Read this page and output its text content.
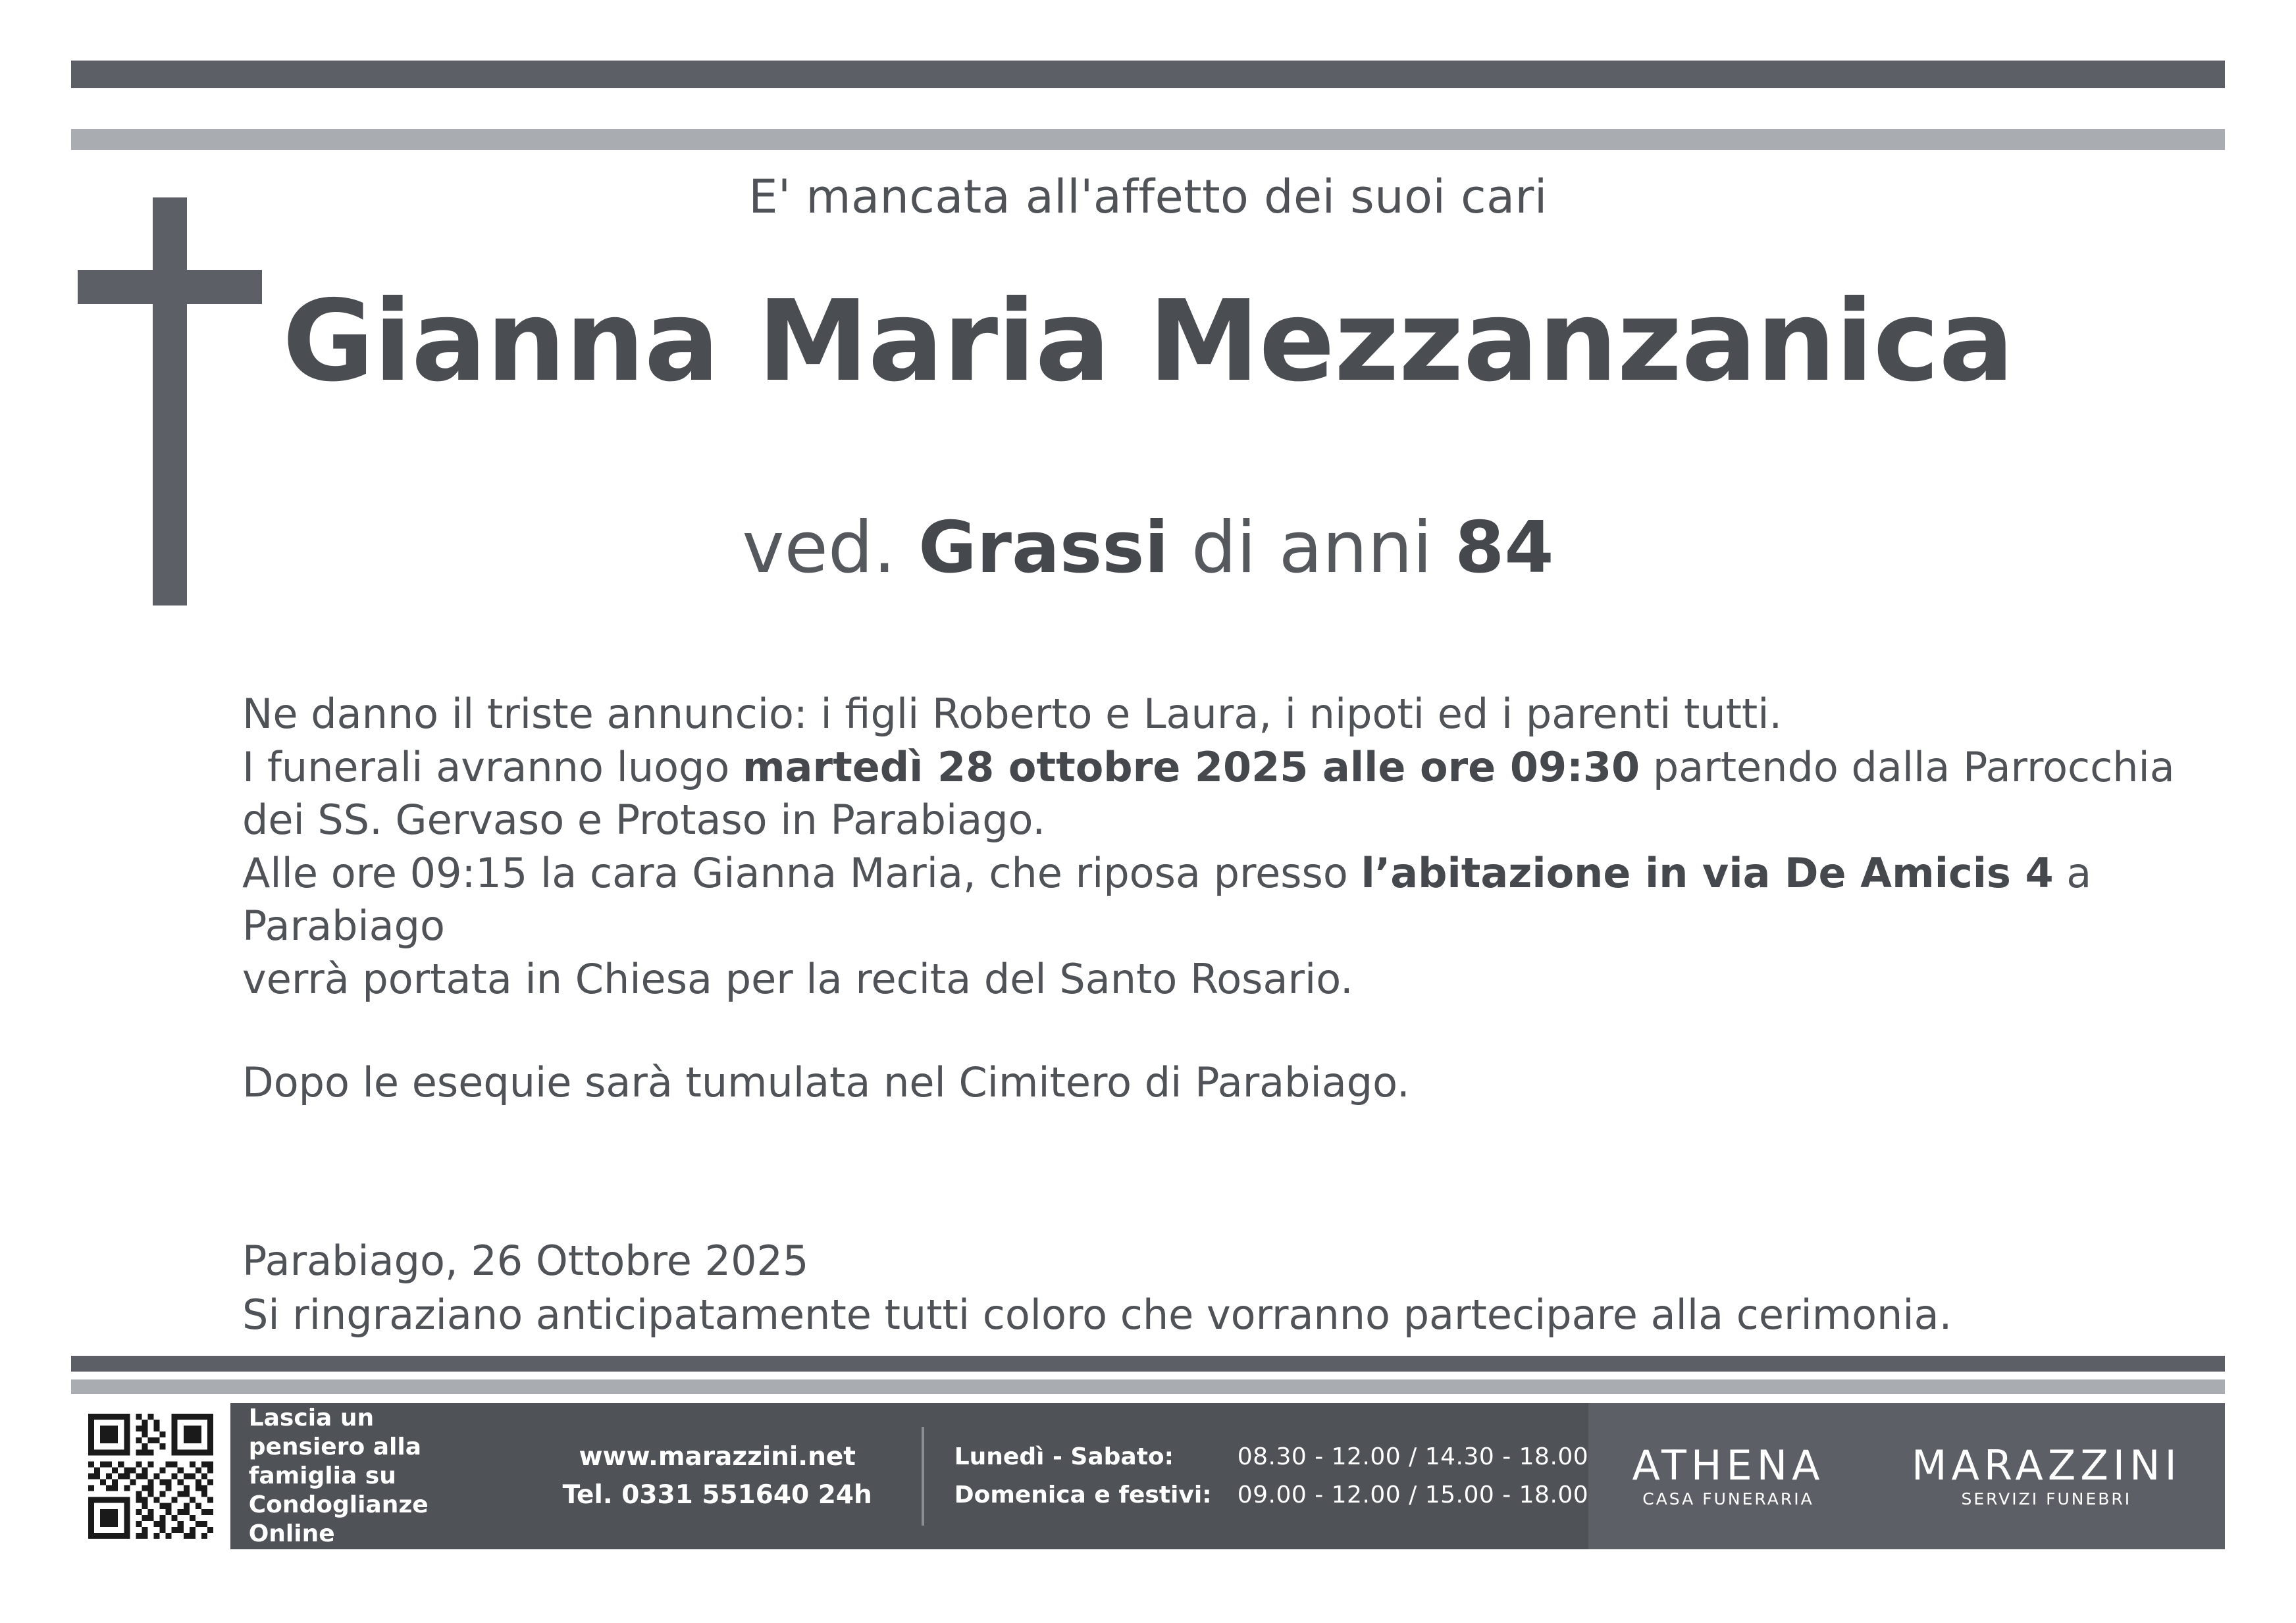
E' mancata all'affetto dei suoi cari
Gianna Maria Mezzanzanica
ved. Grassi di anni 84

Ne danno il triste annuncio: i figli Roberto e Laura, i nipoti ed i parenti tutti.

I funerali avranno luogo martedì 28 ottobre 2025 alle ore 09:30 partendo dalla Parrocchia

dei SS. Gervaso e Protaso in Parabiago.

Alle ore 09:15 la cara Gianna Maria, che riposa presso l’abitazione in via De Amicis 4 a Parabiago

verrà portata in Chiesa per la recita del Santo Rosario.

Dopo le esequie sarà tumulata nel Cimitero di Parabiago.

Parabiago, 26 Ottobre 2025

Si ringraziano anticipatamente tutti coloro che vorranno partecipare alla cerimonia.

Lascia un pensiero alla famiglia su Condoglianze Online
www.marazzini.net
Tel. 0331 551640 24h
Lunedì - Sabato:	08.30 - 12.00 / 14.30 - 18.00
Domenica e festivi:	09.00 - 12.00 / 15.00 - 18.00
ATHENA
CASA FUNERARIA
MARAZZINI
SERVIZI FUNEBRI
